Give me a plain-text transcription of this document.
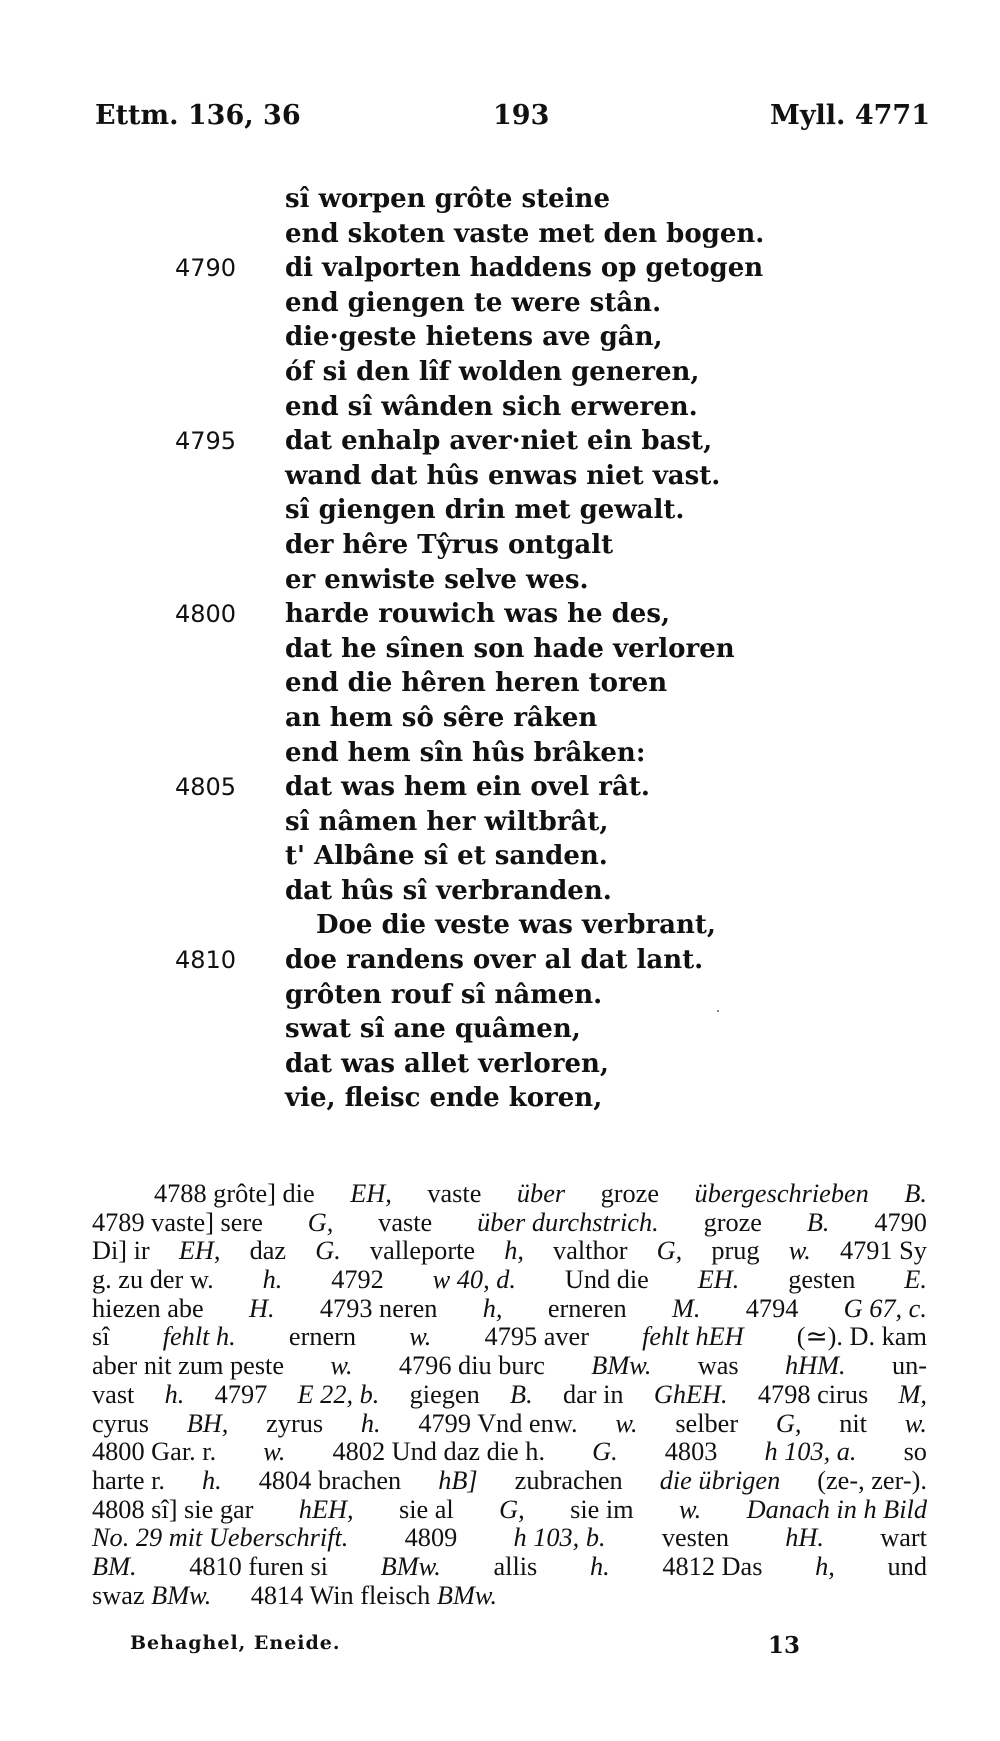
Ettm. 136, 36	193	Myll. 4771
sî worpen grôte steine
end skoten vaste met den bogen.
4790 di valporten haddens op getogen
end giengen te were stân.
die·geste hietens ave gân,
óf si den lîf wolden generen,
end sî wânden sich erweren.
4795 dat enhalp aver·niet ein bast,
wand dat hûs enwas niet vast.
sî giengen drin met gewalt.
der hêre Tŷrus ontgalt
er enwiste selve wes.
4800 harde rouwich was he des,
dat he sînen son hade verloren
end die hêren heren toren
an hem sô sêre râken
end hem sîn hûs brâken:
4805 dat was hem ein ovel rât.
sî nâmen her wiltbrât,
t' Albâne sî et sanden.
dat hûs sî verbranden.
Doe die veste was verbrant,
4810 doe randens over al dat lant.
grôten rouf sî nâmen.
swat sî ane quâmen,
dat was allet verloren,
vie, fleisc ende koren,
4788 grôte] die EH, vaste über groze übergeschrieben B.
4789 vaste] sere G, vaste über durchstrich. groze B. 4790
Di] ir EH, daz G. valleporte h, valthor G, prug w. 4791 Sy
g. zu der w. h. 4792 w 40, d. Und die EH. gesten E.
hiezen abe H. 4793 neren h, erneren M. 4794 G 67, c.
sî fehlt h. ernern w. 4795 aver fehlt hEH (≃). D. kam
aber nit zum peste w. 4796 diu burc BMw. was hHM. un-
vast h. 4797 E 22, b. giegen B. dar in GhEH. 4798 cirus M,
cyrus BH, zyrus h. 4799 Vnd enw. w. selber G, nit w.
4800 Gar. r. w. 4802 Und daz die h. G. 4803 h 103, a. so
harte r. h. 4804 brachen hB] zubrachen die übrigen (ze-, zer-).
4808 sî] sie gar hEH, sie al G, sie im w. Danach in h Bild
No. 29 mit Ueberschrift. 4809 h 103, b. vesten hH. wart
BM. 4810 furen si BMw. allis h. 4812 Das h, und
swaz
BMw.
4814 Win fleisch
BMw.
Behaghel, Eneide.	13
